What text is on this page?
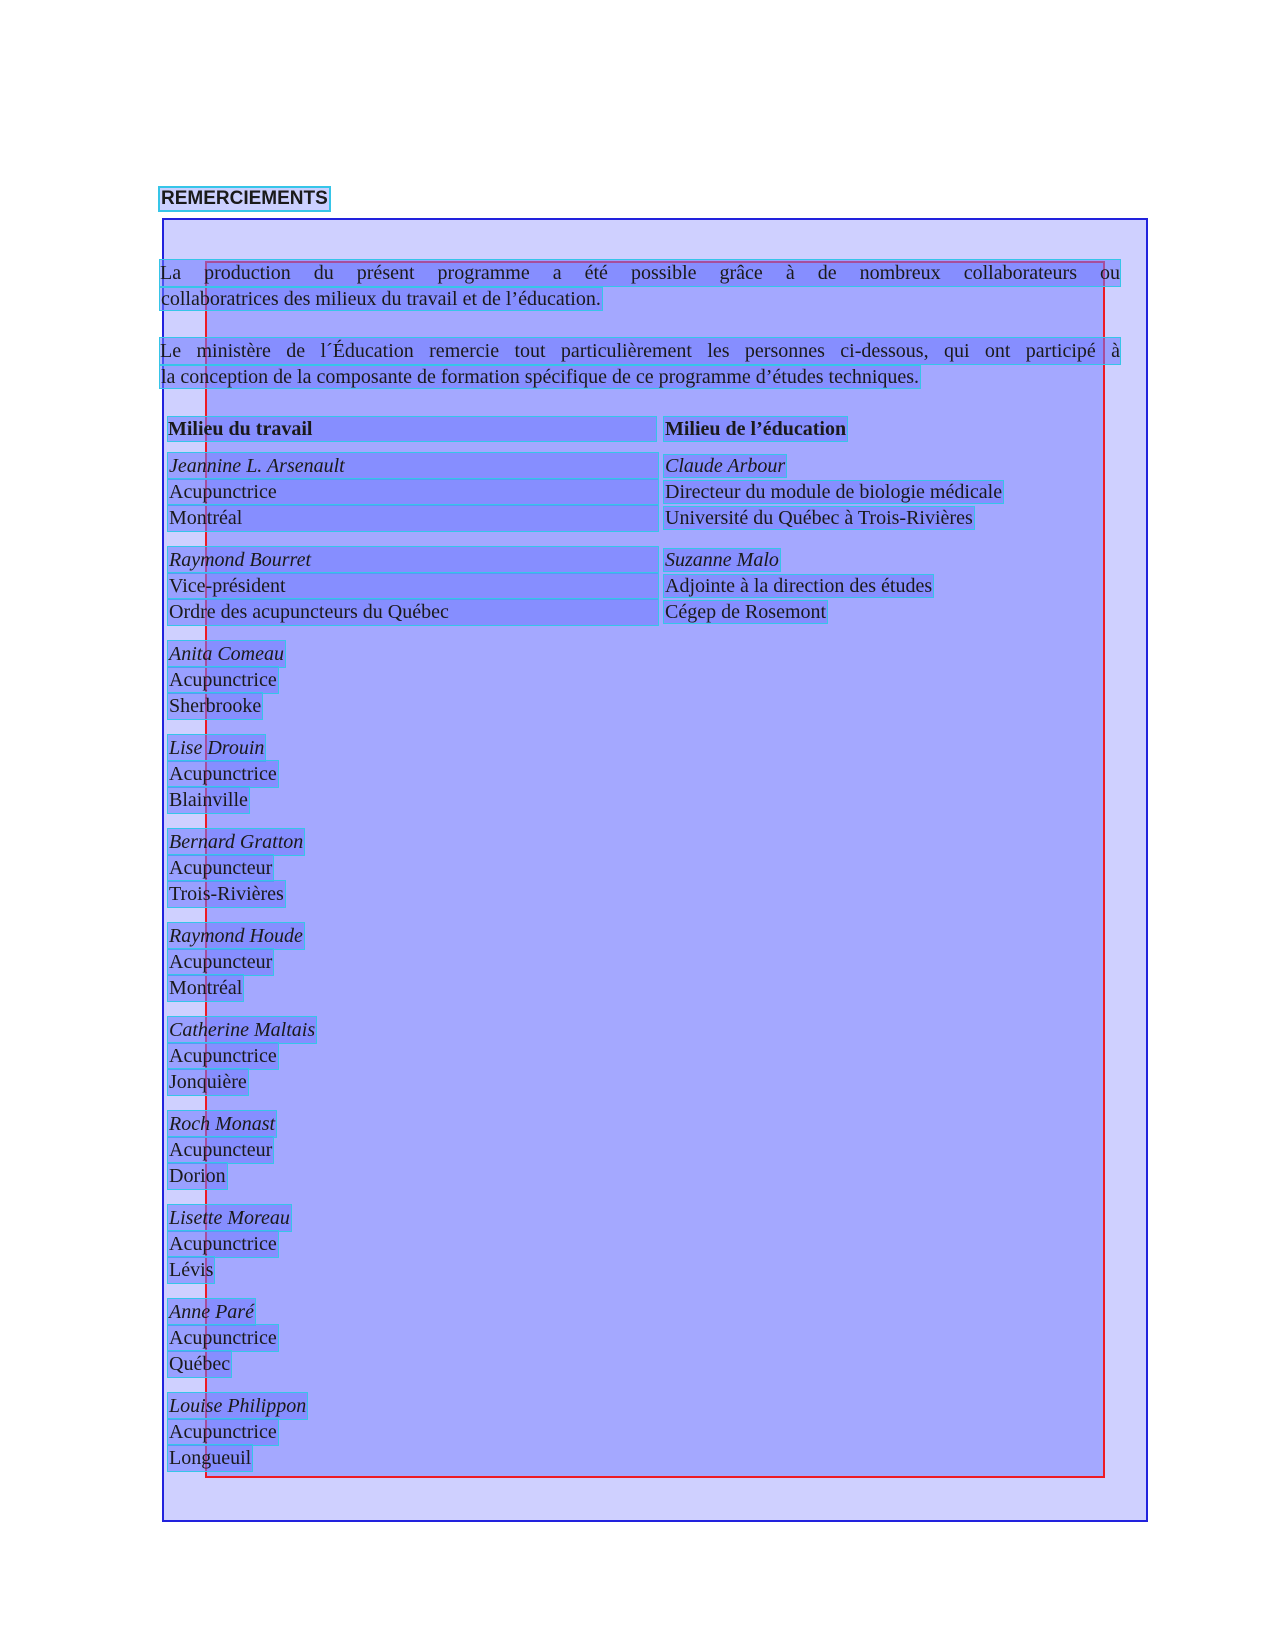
REMERCIEMENTS
La production du présent programme a été possible grâce à de nombreux collaborateurs ou
collaboratrices des milieux du travail et de l’éducation.
Le ministère de l´Éducation remercie tout particulièrement les personnes ci-dessous, qui ont participé à
la conception de la composante de formation spécifique de ce programme d’études techniques.
Milieu du travail	Milieu de l’éducation
Jeannine L. Arsenault
Acupunctrice
Montréal
Claude Arbour
Directeur du module de biologie médicale
Université du Québec à Trois-Rivières
Raymond Bourret
Vice-président
Ordre des acupuncteurs du Québec
Suzanne Malo
Adjointe à la direction des études
Cégep de Rosemont
Anita Comeau
Acupunctrice
Sherbrooke
Lise Drouin
Acupunctrice
Blainville
Bernard Gratton
Acupuncteur
Trois-Rivières
Raymond Houde
Acupuncteur
Montréal
Catherine Maltais
Acupunctrice
Jonquière
Roch Monast
Acupuncteur
Dorion
Lisette Moreau
Acupunctrice
Lévis
Anne Paré
Acupunctrice
Québec
Louise Philippon
Acupunctrice
Longueuil
